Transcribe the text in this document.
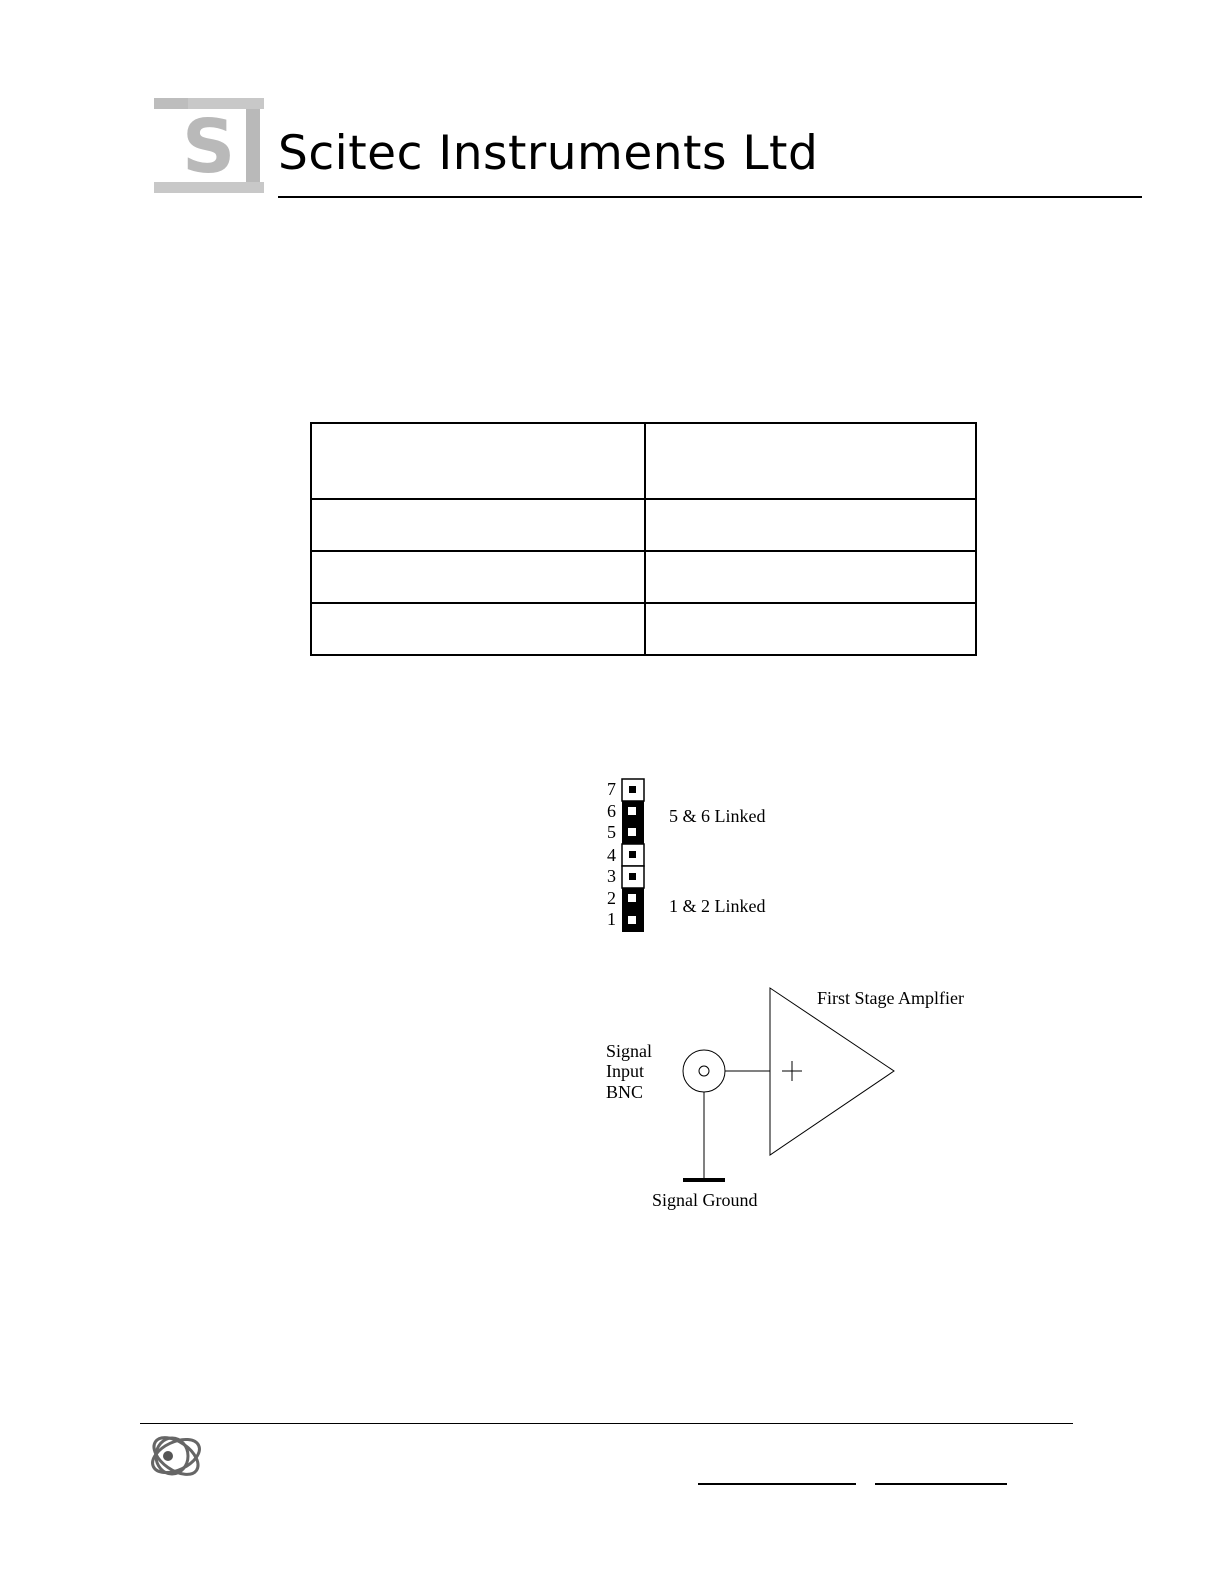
S Scitec Instruments Ltd

7
6
5
4
3
2
1
5 & 6 Linked
1 & 2 Linked
First Stage Amplfier
Signal
Input
BNC
Signal Ground
